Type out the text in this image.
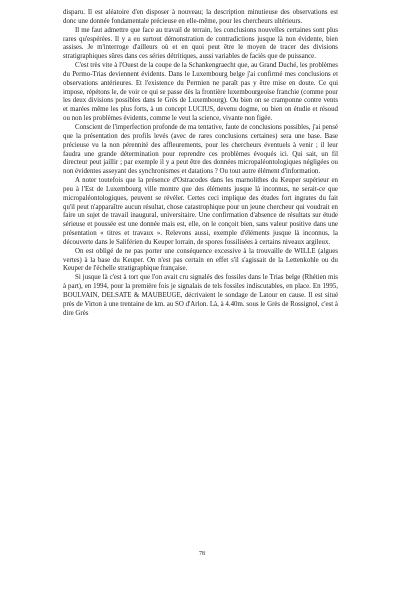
disparu. Il est aléatoire d'en disposer à nouveau; la description minutieuse des observations est donc une donnée fondamentale précieuse en elle-même, pour les chercheurs ultérieurs.

Il me faut admettre que face au travail de terrain, les conclusions nouvelles certaines sont plus rares qu'espérées. Il y a eu surtout démonstration de contradictions jusque là non évidente, bien assises. Je m'interroge d'ailleurs où et en quoi peut être le moyen de tracer des divisions stratigraphiques sûres dans ces séries détritiques, aussi variables de faciès que de puissance.

C'est très vite à l'Ouest de la coupe de la Schankengraecht que, au Grand Duché, les problèmes du Permo-Trias deviennent évidents. Dans le Luxembourg belge j'ai confirmé mes conclusions et observations antérieures. Et l'existence du Permien ne paraît pas y être mise en doute. Ce qui impose, répétons le, de voir ce qui se passe dès la frontière luxembourgeoise franchie (comme pour les deux divisions possibles dans le Grès de Luxembourg). Ou bien on se cramponne contre vents et marées même les plus forts, à un concept LUCIUS, devenu dogme, ou bien on étudie et résoud ou non les problèmes évidents, comme le veut la science, vivante non figée.

Conscient de l'imperfection profonde de ma tentative, faute de conclusions possibles, j'ai pensé que la présentation des profils levés (avec de rares conclusions certaines) sera une base. Base précieuse vu la non pérennité des affleurements, pour les chercheurs éventuels à venir ; il leur faudra une grande détermination pour reprendre ces problèmes évoqués ici. Qui sait, un fil directeur peut jaillir ; par exemple il y a peut être des données micropaléontologiques négligées ou non évidentes asseyant des synchronismes et datations ? Ou tout autre élément d'information.

A noter toutefois que la présence d'Ostracodes dans les marnolithes du Keuper supérieur en peu à l'Est de Luxembourg ville montre que des éléments jusque là inconnus, ne serait-ce que micropaléontologiques, peuvent se révéler. Certes ceci implique des études fort ingrates du fait qu'il peut n'apparaître aucun résultat, chose catastrophique pour un jeune chercheur qui voudrait en faire un sujet de travail inaugural, universitaire. Une confirmation d'absence de résultats sur étude sérieuse et poussée est une donnée mais est, elle, on le conçoit bien, sans valeur positive dans une présentation « titres et travaux ». Relevons aussi, exemple d'éléments jusque là inconnus, la découverte dans le Saliférien du Keuper lorrain, de spores fossilisées à certains niveaux argileux.

On est obligé de ne pas porter une conséquence excessive à la trouvaille de WILLE (algues vertes) à la base du Keuper. On n'est pas certain en effet s'il s'agissait de la Lettenkohle ou du Keuper de l'échelle stratigraphique française.

Si jusque là c'est à tort que l'on avait cru signalés des fossiles dans le Trias belge (Rhétien mis à part), en 1994, pour la première fois je signalais de tels fossiles indiscutables, en place. En 1995, BOULVAIN, DELSATE & MAUBEUGE, décrivaient le sondage de Latour en cause. Il est situé près de Virton à une trentaine de km. au SO d'Arlon. Là, à 4.40m. sous le Grès de Rossignol, c'est à dire Grès

78
